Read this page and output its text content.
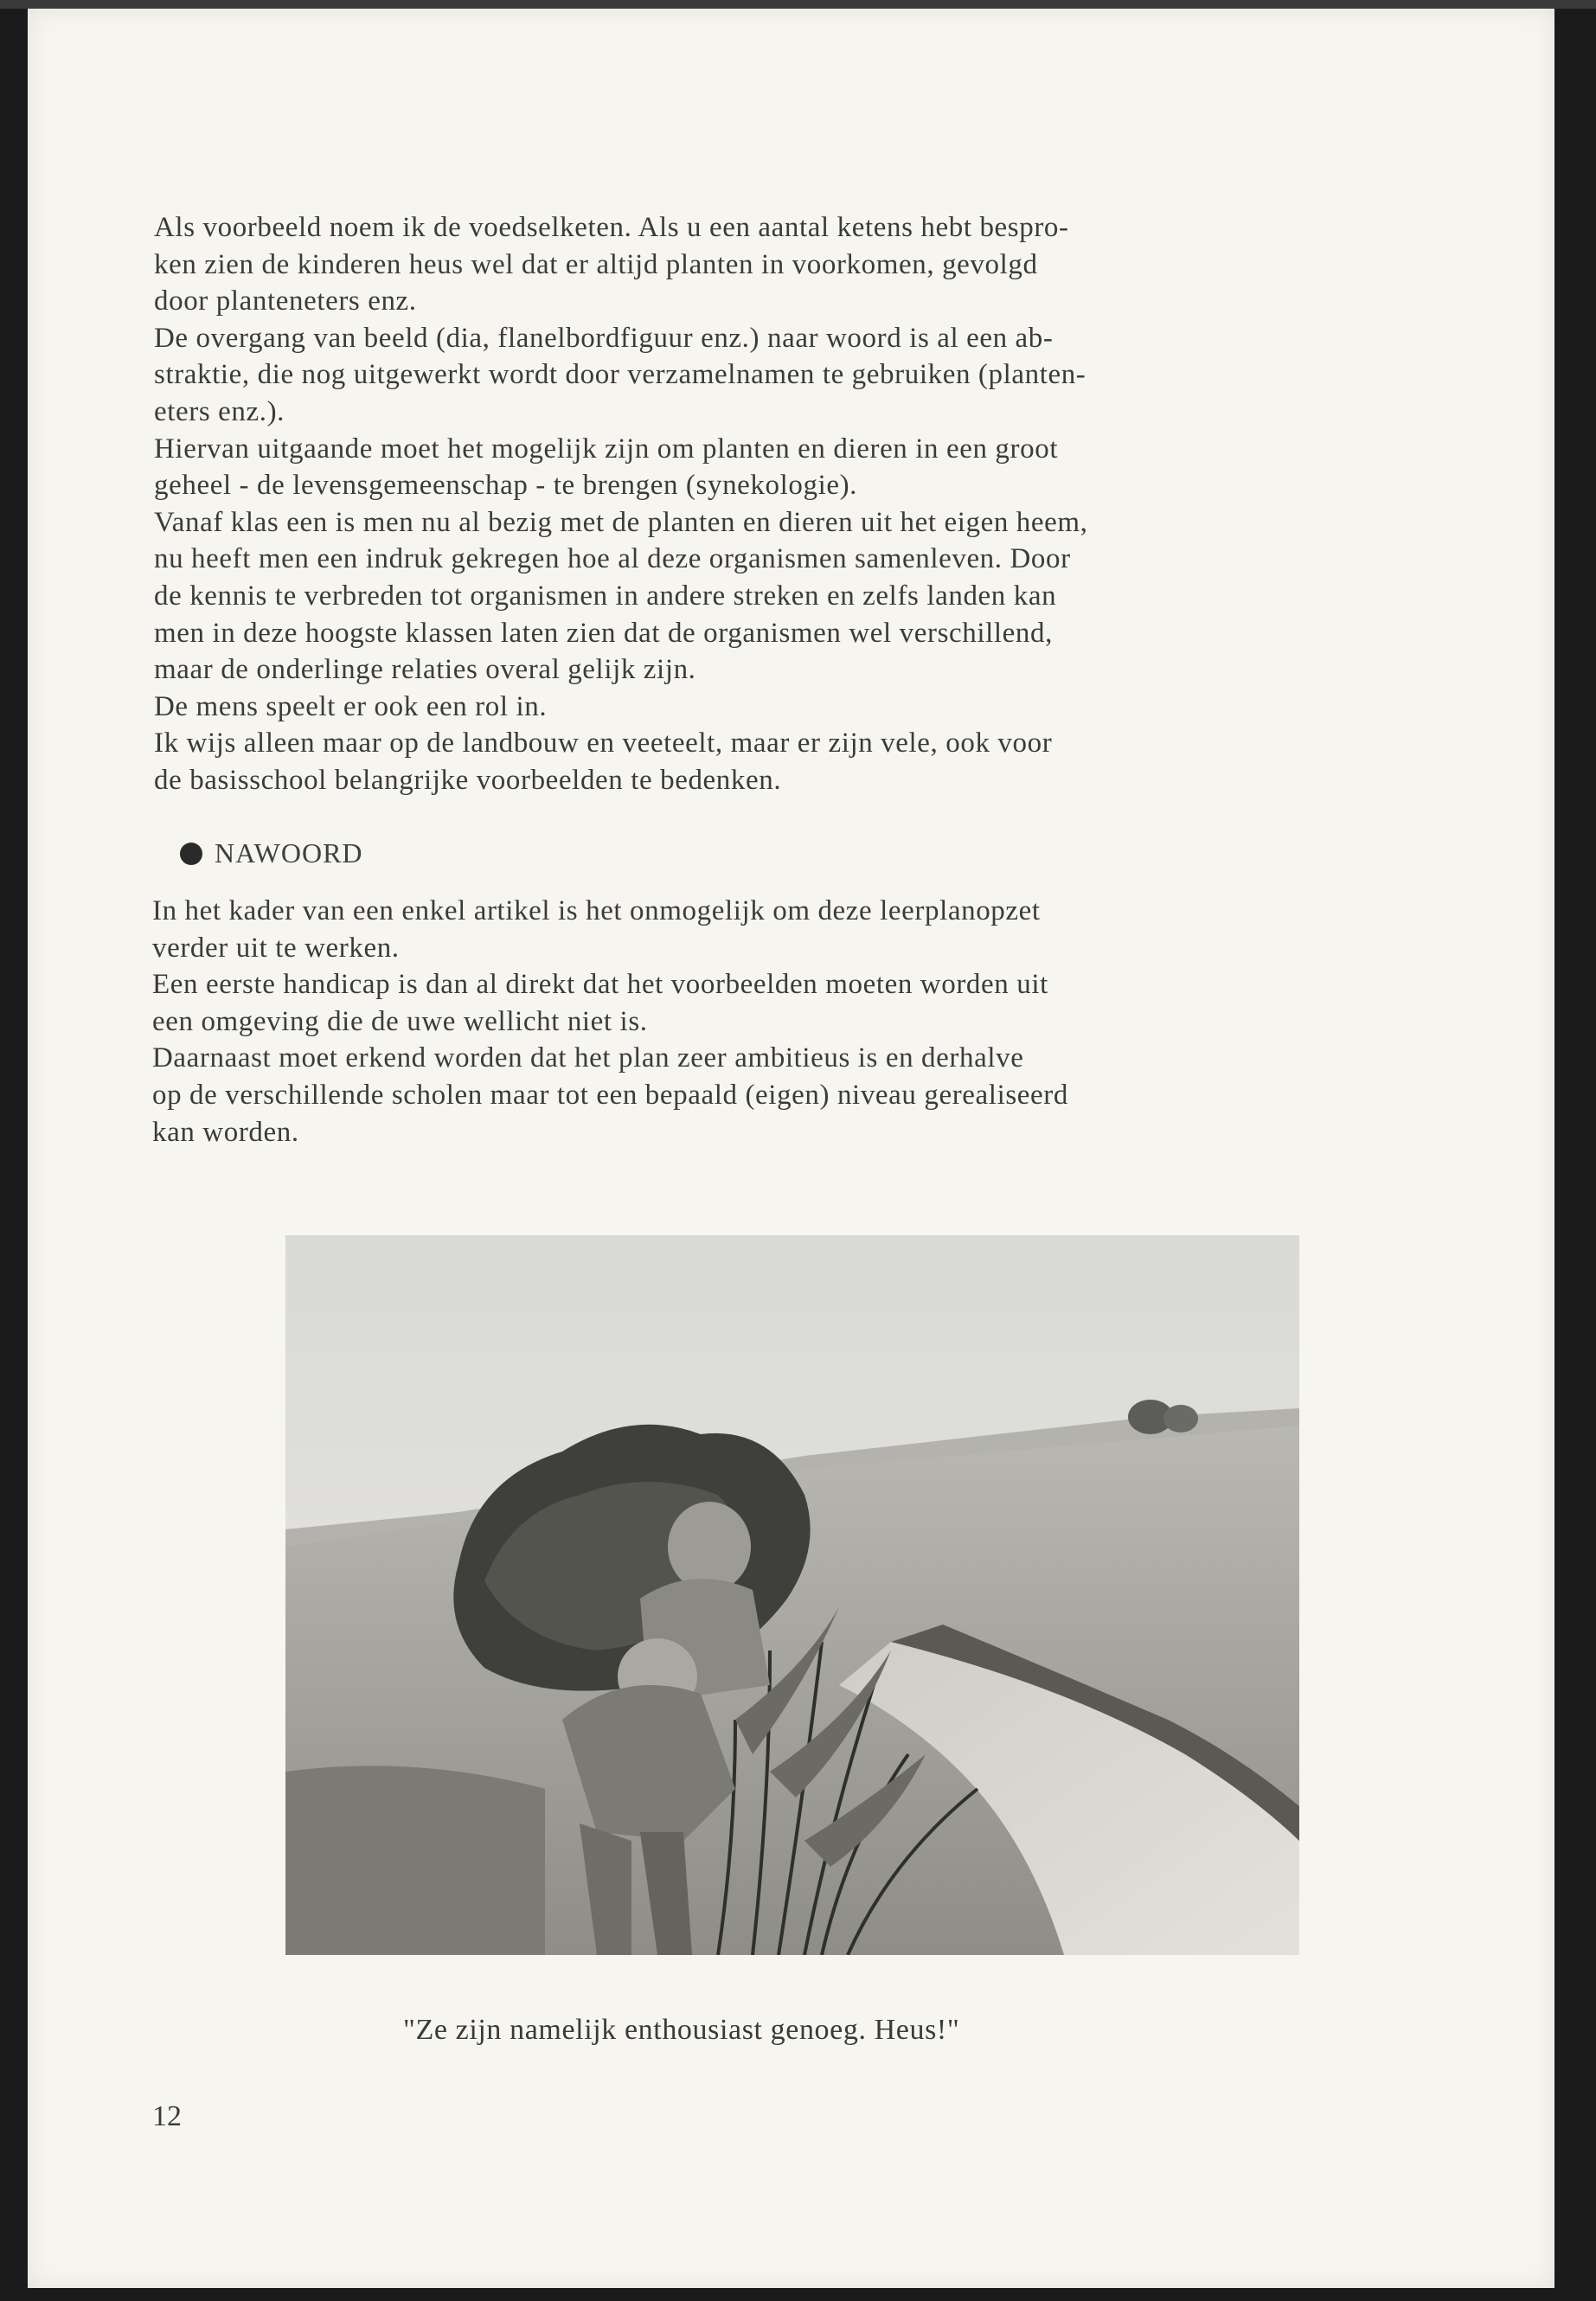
Als voorbeeld noem ik de voedselketen. Als u een aantal ketens hebt bespro-
ken zien de kinderen heus wel dat er altijd planten in voorkomen, gevolgd
door planteneters enz.
De overgang van beeld (dia, flanelbordfiguur enz.) naar woord is al een ab-
straktie, die nog uitgewerkt wordt door verzamelnamen te gebruiken (planten-
eters enz.).
Hiervan uitgaande moet het mogelijk zijn om planten en dieren in een groot
geheel - de levensgemeenschap - te brengen (synekologie).
Vanaf klas een is men nu al bezig met de planten en dieren uit het eigen heem,
nu heeft men een indruk gekregen hoe al deze organismen samenleven. Door
de kennis te verbreden tot organismen in andere streken en zelfs landen kan
men in deze hoogste klassen laten zien dat de organismen wel verschillend,
maar de onderlinge relaties overal gelijk zijn.
De mens speelt er ook een rol in.
Ik wijs alleen maar op de landbouw en veeteelt, maar er zijn vele, ook voor
de basisschool belangrijke voorbeelden te bedenken.
NAWOORD
In het kader van een enkel artikel is het onmogelijk om deze leerplanopzet
verder uit te werken.
Een eerste handicap is dan al direkt dat het voorbeelden moeten worden uit
een omgeving die de uwe wellicht niet is.
Daarnaast moet erkend worden dat het plan zeer ambitieus is en derhalve
op de verschillende scholen maar tot een bepaald (eigen) niveau gerealiseerd
kan worden.
"Ze zijn namelijk enthousiast genoeg. Heus!"
12
